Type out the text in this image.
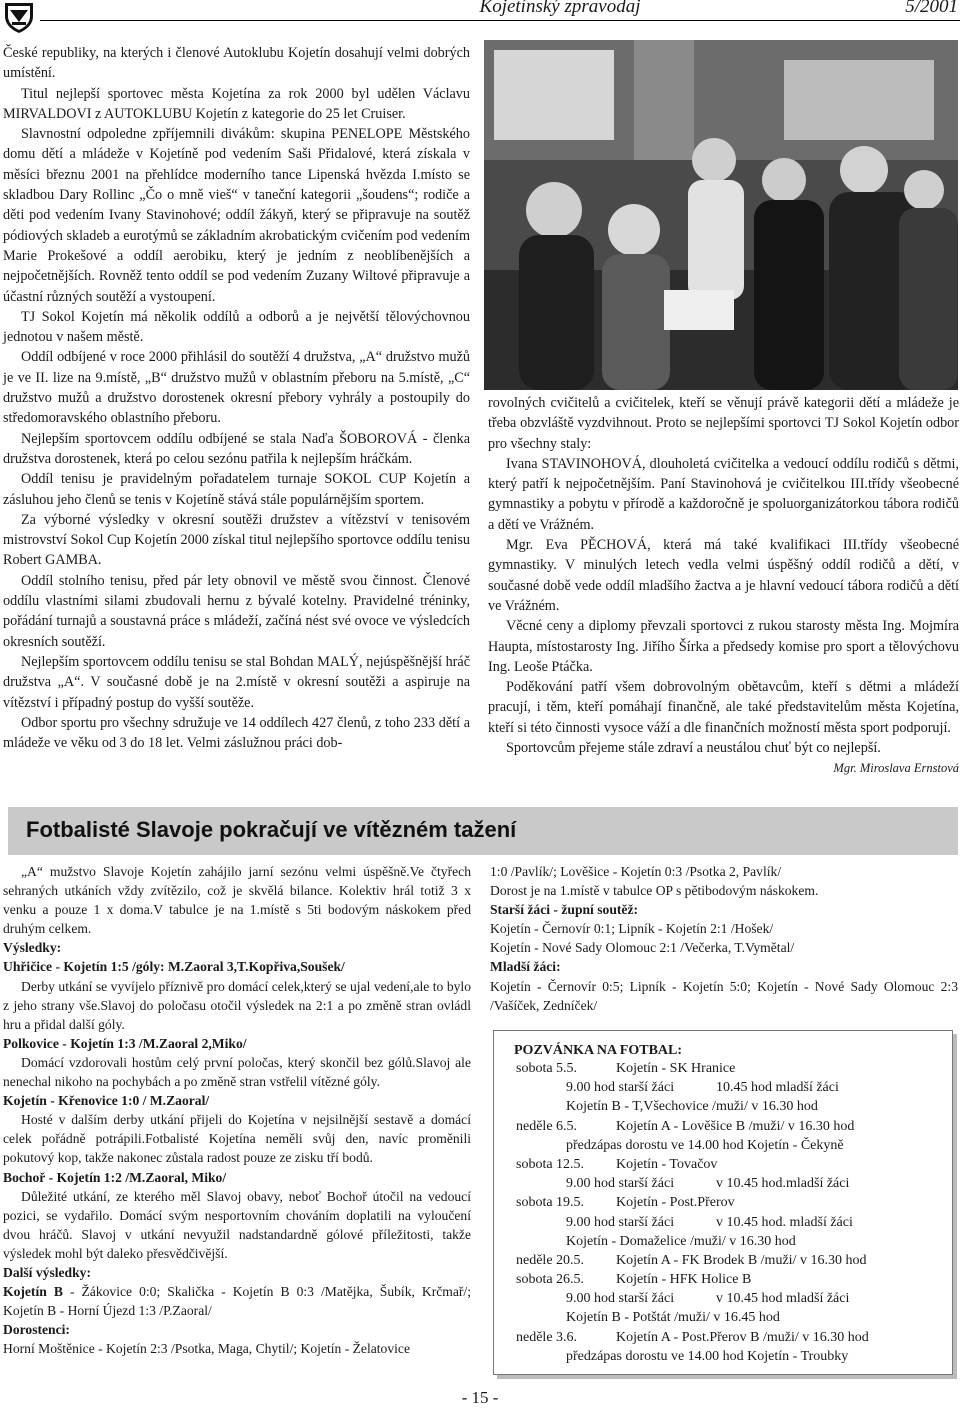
Kojetínský zpravodaj	5/2001

České republiky, na kterých i členové Autoklubu Kojetín dosahují velmi dobrých umístění.

Titul nejlepší sportovec města Kojetína za rok 2000 byl udělen Václavu MIRVALDOVI z AUTOKLUBU Kojetín z kategorie do 25 let Cruiser.

Slavnostní odpoledne zpříjemnili divákům: skupina PENELOPE Městského domu dětí a mládeže v Kojetíně pod vedením Saši Přidalové, která získala v měsíci březnu 2001 na přehlídce moderního tance Lipenská hvězda I.místo se skladbou Dary Rollinc „Čo o mně vieš“ v taneční kategorii „šoudens“; rodiče a děti pod vedením Ivany Stavinohové; oddíl žákyň, který se připravuje na soutěž pódiových skladeb a eurotýmů se základním akrobatickým cvičením pod vedením Marie Prokešové a oddíl aerobiku, který je jedním z neoblíbenějších a nejpočetnějších. Rovněž tento oddíl se pod vedením Zuzany Wiltové připravuje a účastní různých soutěží a vystoupení.

TJ Sokol Kojetín má několik oddílů a odborů a je největší tělovýchovnou jednotou v našem městě.

Oddíl odbíjené v roce 2000 přihlásil do soutěží 4 družstva, „A“ družstvo mužů je ve II. lize na 9.místě, „B“ družstvo mužů v oblastním přeboru na 5.místě, „C“ družstvo mužů a družstvo dorostenek okresní přebory vyhrály a postoupily do středomoravského oblastního přeboru.

Nejlepším sportovcem oddílu odbíjené se stala Naďa ŠOBOROVÁ - členka družstva dorostenek, která po celou sezónu patřila k nejlepším hráčkám.

Oddíl tenisu je pravidelným pořadatelem turnaje SOKOL CUP Kojetín a zásluhou jeho členů se tenis v Kojetíně stává stále populárnějším sportem.

Za výborné výsledky v okresní soutěži družstev a vítězství v tenisovém mistrovství Sokol Cup Kojetín 2000 získal titul nejlepšího sportovce oddílu tenisu Robert GAMBA.

Oddíl stolního tenisu, před pár lety obnovil ve městě svou činnost. Členové oddílu vlastními silami zbudovali hernu z bývalé kotelny. Pravidelné tréninky, pořádání turnajů a soustavná práce s mládeží, začíná nést své ovoce ve výsledcích okresních soutěží.

Nejlepším sportovcem oddílu tenisu se stal Bohdan MALÝ, nejúspěšnější hráč družstva „A“. V současné době je na 2.místě v okresní soutěži a aspiruje na vítězství i případný postup do vyšší soutěže.

Odbor sportu pro všechny sdružuje ve 14 oddílech 427 členů, z toho 233 dětí a mládeže ve věku od 3 do 18 let. Velmi záslužnou práci dob-

rovolných cvičitelů a cvičitelek, kteří se věnují právě kategorii dětí a mládeže je třeba obzvláště vyzdvihnout. Proto se nejlepšími sportovci TJ Sokol Kojetín odbor pro všechny staly:

Ivana STAVINOHOVÁ, dlouholetá cvičitelka a vedoucí oddílu rodičů s dětmi, který patří k nejpočetnějším. Paní Stavinohová je cvičitelkou III.třídy všeobecné gymnastiky a pobytu v přírodě a každoročně je spoluorganizátorkou tábora rodičů a dětí ve Vrážném.

Mgr. Eva PĚCHOVÁ, která má také kvalifikaci III.třídy všeobecné gymnastiky. V minulých letech vedla velmi úspěšný oddíl rodičů a dětí, v současné době vede oddíl mladšího žactva a je hlavní vedoucí tábora rodičů a dětí ve Vrážném.

Věcné ceny a diplomy převzali sportovci z rukou starosty města Ing. Mojmíra Haupta, místostarosty Ing. Jiřího Šírka a předsedy komise pro sport a tělovýchovu Ing. Leoše Ptáčka.

Poděkování patří všem dobrovolným obětavcům, kteří s dětmi a mládeží pracují, i těm, kteří pomáhají finančně, ale také představitelům města Kojetína, kteří si této činnosti vysoce váží a dle finančních možností města sport podporují.

Sportovcům přejeme stále zdraví a neustálou chuť být co nejlepší.

Mgr. Miroslava Ernstová

Fotbalisté Slavoje pokračují ve vítězném tažení

„A“ mužstvo Slavoje Kojetín zahájilo jarní sezónu velmi úspěšně.Ve čtyřech sehraných utkáních vždy zvítězilo, což je skvělá bilance. Kolektiv hrál totiž 3 x venku a pouze 1 x doma.V tabulce je na 1.místě s 5ti bodovým náskokem před druhým celkem.

Výsledky:

Uhřičice - Kojetín 1:5 /góly: M.Zaoral 3,T.Kopřiva,Soušek/

Derby utkání se vyvíjelo příznivě pro domácí celek,který se ujal vedení,ale to bylo z jeho strany vše.Slavoj do poločasu otočil výsledek na 2:1 a po změně stran ovládl hru a přidal další góly.

Polkovice - Kojetín 1:3 /M.Zaoral 2,Miko/

Domácí vzdorovali hostům celý první poločas, který skončil bez gólů.Slavoj ale nenechal nikoho na pochybách a po změně stran vstřelil vítězné góly.

Kojetín - Křenovice 1:0 / M.Zaoral/

Hosté v dalším derby utkání přijeli do Kojetína v nejsilnější sestavě a domácí celek pořádně potrápili.Fotbalisté Kojetína neměli svůj den, navíc proměnili pokutový kop, takže nakonec zůstala radost pouze ze zisku tří bodů.

Bochoř - Kojetín 1:2 /M.Zaoral, Miko/

Důležité utkání, ze kterého měl Slavoj obavy, neboť Bochoř útočil na vedoucí pozici, se vydařilo. Domácí svým nesportovním chováním doplatili na vyloučení dvou hráčů. Slavoj v utkání nevyužil nadstandardně gólové příležitosti, takže výsledek mohl být daleko přesvědčivější.

Další výsledky:

Kojetín B - Žákovice 0:0; Skalička - Kojetín B 0:3 /Matějka, Šubík, Krčmař/; Kojetín B - Horní Újezd 1:3 /P.Zaoral/

Dorostenci:

Horní Moštěnice - Kojetín 2:3 /Psotka, Maga, Chytil/; Kojetín - Želatovice

1:0 /Pavlík/; Lověšice - Kojetín 0:3 /Psotka 2, Pavlík/

Dorost je na 1.místě v tabulce OP s pětibodovým náskokem.

Starší žáci - župní soutěž:

Kojetín - Černovír 0:1; Lipník - Kojetín 2:1 /Hošek/

Kojetín - Nové Sady Olomouc 2:1 /Večerka, T.Vymětal/

Mladší žáci:

Kojetín - Černovír 0:5; Lipník - Kojetín 5:0; Kojetín - Nové Sady Olomouc 2:3 /Vašíček, Zedníček/

POZVÁNKA NA FOTBAL:
sobota 5.5.	Kojetín - SK Hranice
9.00 hod starší žáci	10.45 hod mladší žáci
Kojetín B - T,Všechovice /muži/ v 16.30 hod
neděle 6.5.	Kojetín A - Lověšice B /muži/ v 16.30 hod
předzápas dorostu ve 14.00 hod Kojetín - Čekyně
sobota 12.5. Kojetín - Tovačov
9.00 hod starší žáci	v 10.45 hod.mladší žáci
sobota 19.5. Kojetín - Post.Přerov
9.00 hod starší žáci	v 10.45 hod. mladší žáci
Kojetín - Domaželice /muži/ v 16.30 hod
neděle 20.5. Kojetín A - FK Brodek B /muži/ v 16.30 hod
sobota 26.5. Kojetín - HFK Holice B
9.00 hod starší žáci	v 10.45 hod mladší žáci
Kojetín B - Potštát /muži/ v 16.45 hod
neděle 3.6.	Kojetín A - Post.Přerov B /muži/ v 16.30 hod
předzápas dorostu ve 14.00 hod Kojetín - Troubky
- 15 -
